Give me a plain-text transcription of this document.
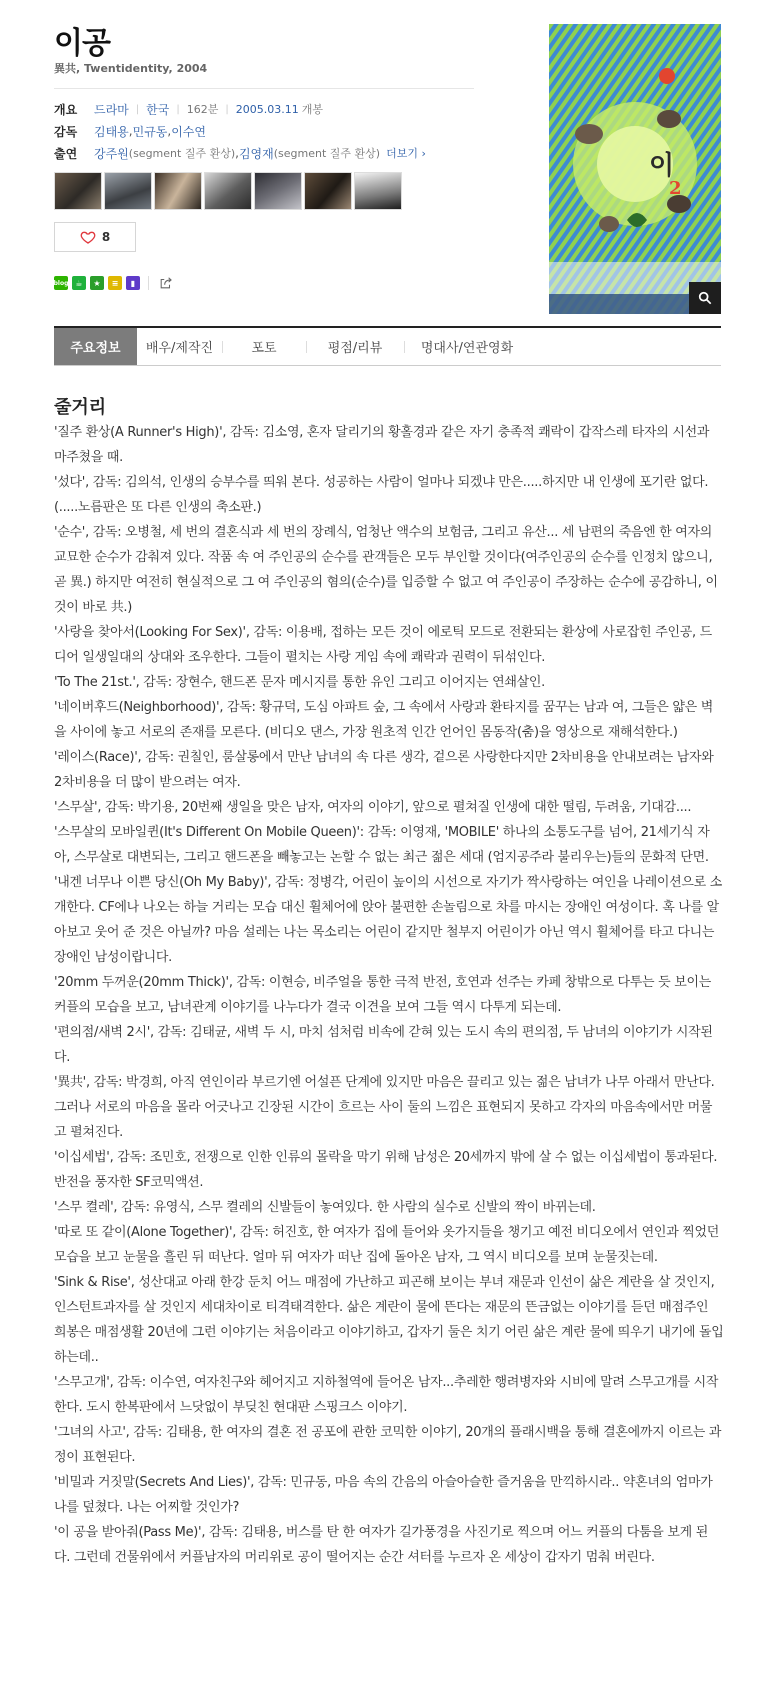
이공
異共, Twentidentity, 2004
개요	드라마 | 한국 | 162분 | 2005.03.11 개봉
감독	김태용 , 민규동 , 이수연
출연	강주원 (segment 질주 환상) , 김영재 (segment 질주 환상) 더보기 ›
8
blog ☕	★	≡	▮
이
2
주요정보	배우/제작진	포토	평점/리뷰	명대사/연관영화
줄거리

'질주 환상(A Runner's High)', 감독: 김소영, 혼자 달리기의 황홀경과 같은 자기 충족적 쾌락이 갑작스레 타자의 시선과 마주쳤을 때.

'섰다', 감독: 김의석, 인생의 승부수를 띄워 본다. 성공하는 사람이 얼마나 되겠냐 만은.....하지만 내 인생에 포기란 없다. (.....노름판은 또 다른 인생의 축소판.)

'순수', 감독: 오병철, 세 번의 결혼식과 세 번의 장례식, 엄청난 액수의 보험금, 그리고 유산... 세 남편의 죽음엔 한 여자의 교묘한 순수가 감춰져 있다. 작품 속 여 주인공의 순수를 관객들은 모두 부인할 것이다(여주인공의 순수를 인정치 않으니, 곧 異.) 하지만 여전히 현실적으로 그 여 주인공의 혐의(순수)를 입증할 수 없고 여 주인공이 주장하는 순수에 공감하니, 이것이 바로 共.)

'사랑을 찾아서(Looking For Sex)', 감독: 이용배, 접하는 모든 것이 에로틱 모드로 전환되는 환상에 사로잡힌 주인공, 드디어 일생일대의 상대와 조우한다. 그들이 펼치는 사랑 게임 속에 쾌락과 권력이 뒤섞인다.

'To The 21st.', 감독: 장현수, 핸드폰 문자 메시지를 통한 유인 그리고 이어지는 연쇄살인.

'네이버후드(Neighborhood)', 감독: 황규덕, 도심 아파트 숲, 그 속에서 사랑과 환타지를 꿈꾸는 남과 여, 그들은 얇은 벽을 사이에 놓고 서로의 존재를 모른다. (비디오 댄스, 가장 원초적 인간 언어인 몸동작(춤)을 영상으로 재해석한다.)

'레이스(Race)', 감독: 권칠인, 룸살롱에서 만난 남녀의 속 다른 생각, 겉으론 사랑한다지만 2차비용을 안내보려는 남자와 2차비용을 더 많이 받으려는 여자.

'스무살', 감독: 박기용, 20번째 생일을 맞은 남자, 여자의 이야기, 앞으로 펼쳐질 인생에 대한 떨림, 두려움, 기대감....

'스무살의 모바일퀸(It's Different On Mobile Queen)': 감독: 이영재, 'MOBILE' 하나의 소통도구를 넘어, 21세기식 자아, 스무살로 대변되는, 그리고 핸드폰을 빼놓고는 논할 수 없는 최근 젊은 세대 (엄지공주라 불리우는)들의 문화적 단면.

'내겐 너무나 이쁜 당신(Oh My Baby)', 감독: 정병각, 어린이 높이의 시선으로 자기가 짝사랑하는 여인을 나레이션으로 소개한다. CF에나 나오는 하늘 거리는 모습 대신 휠체어에 앉아 불편한 손놀림으로 차를 마시는 장애인 여성이다. 혹 나를 알아보고 웃어 준 것은 아닐까? 마음 설레는 나는 목소리는 어린이 같지만 철부지 어린이가 아닌 역시 휠체어를 타고 다니는 장애인 남성이랍니다.

'20mm 두꺼운(20mm Thick)', 감독: 이현승, 비주얼을 통한 극적 반전, 호연과 선주는 카페 창밖으로 다투는 듯 보이는 커플의 모습을 보고, 남녀관계 이야기를 나누다가 결국 이견을 보여 그들 역시 다투게 되는데.

'편의점/새벽 2시', 감독: 김태균, 새벽 두 시, 마치 섬처럼 비속에 갇혀 있는 도시 속의 편의점, 두 남녀의 이야기가 시작된다.

'異共', 감독: 박경희, 아직 연인이라 부르기엔 어설픈 단계에 있지만 마음은 끌리고 있는 젊은 남녀가 나무 아래서 만난다. 그러나 서로의 마음을 몰라 어긋나고 긴장된 시간이 흐르는 사이 둘의 느낌은 표현되지 못하고 각자의 마음속에서만 머물고 펼쳐진다.

'이십세법', 감독: 조민호, 전쟁으로 인한 인류의 몰락을 막기 위해 남성은 20세까지 밖에 살 수 없는 이십세법이 통과된다. 반전을 풍자한 SF코믹액션.

'스무 켤레', 감독: 유영식, 스무 켤레의 신발들이 놓여있다. 한 사람의 실수로 신발의 짝이 바뀌는데.

'따로 또 같이(Alone Together)', 감독: 허진호, 한 여자가 집에 들어와 옷가지들을 챙기고 예전 비디오에서 연인과 찍었던 모습을 보고 눈물을 흘린 뒤 떠난다. 얼마 뒤 여자가 떠난 집에 돌아온 남자, 그 역시 비디오를 보며 눈물짓는데.

'Sink & Rise', 성산대교 아래 한강 둔치 어느 매점에 가난하고 피곤해 보이는 부녀 재문과 인선이 삶은 계란을 살 것인지, 인스턴트과자를 살 것인지 세대차이로 티격태격한다. 삶은 계란이 물에 뜬다는 재문의 뜬금없는 이야기를 듣던 매점주인 희봉은 매점생활 20년에 그런 이야기는 처음이라고 이야기하고, 갑자기 둘은 치기 어린 삶은 계란 물에 띄우기 내기에 돌입하는데..

'스무고개', 감독: 이수연, 여자친구와 헤어지고 지하철역에 들어온 남자...추레한 행려병자와 시비에 말려 스무고개를 시작한다. 도시 한복판에서 느닷없이 부딪친 현대판 스핑크스 이야기.

'그녀의 사고', 감독: 김태용, 한 여자의 결혼 전 공포에 관한 코믹한 이야기, 20개의 플래시백을 통해 결혼에까지 이르는 과정이 표현된다.

'비밀과 거짓말(Secrets And Lies)', 감독: 민규동, 마음 속의 간음의 아슬아슬한 즐거움을 만끽하시라.. 약혼녀의 엄마가 나를 덮쳤다. 나는 어찌할 것인가?

'이 공을 받아줘(Pass Me)', 감독: 김태용, 버스를 탄 한 여자가 길가풍경을 사진기로 찍으며 어느 커플의 다툼을 보게 된다. 그런데 건물위에서 커플남자의 머리위로 공이 떨어지는 순간 셔터를 누르자 온 세상이 갑자기 멈춰 버린다.
